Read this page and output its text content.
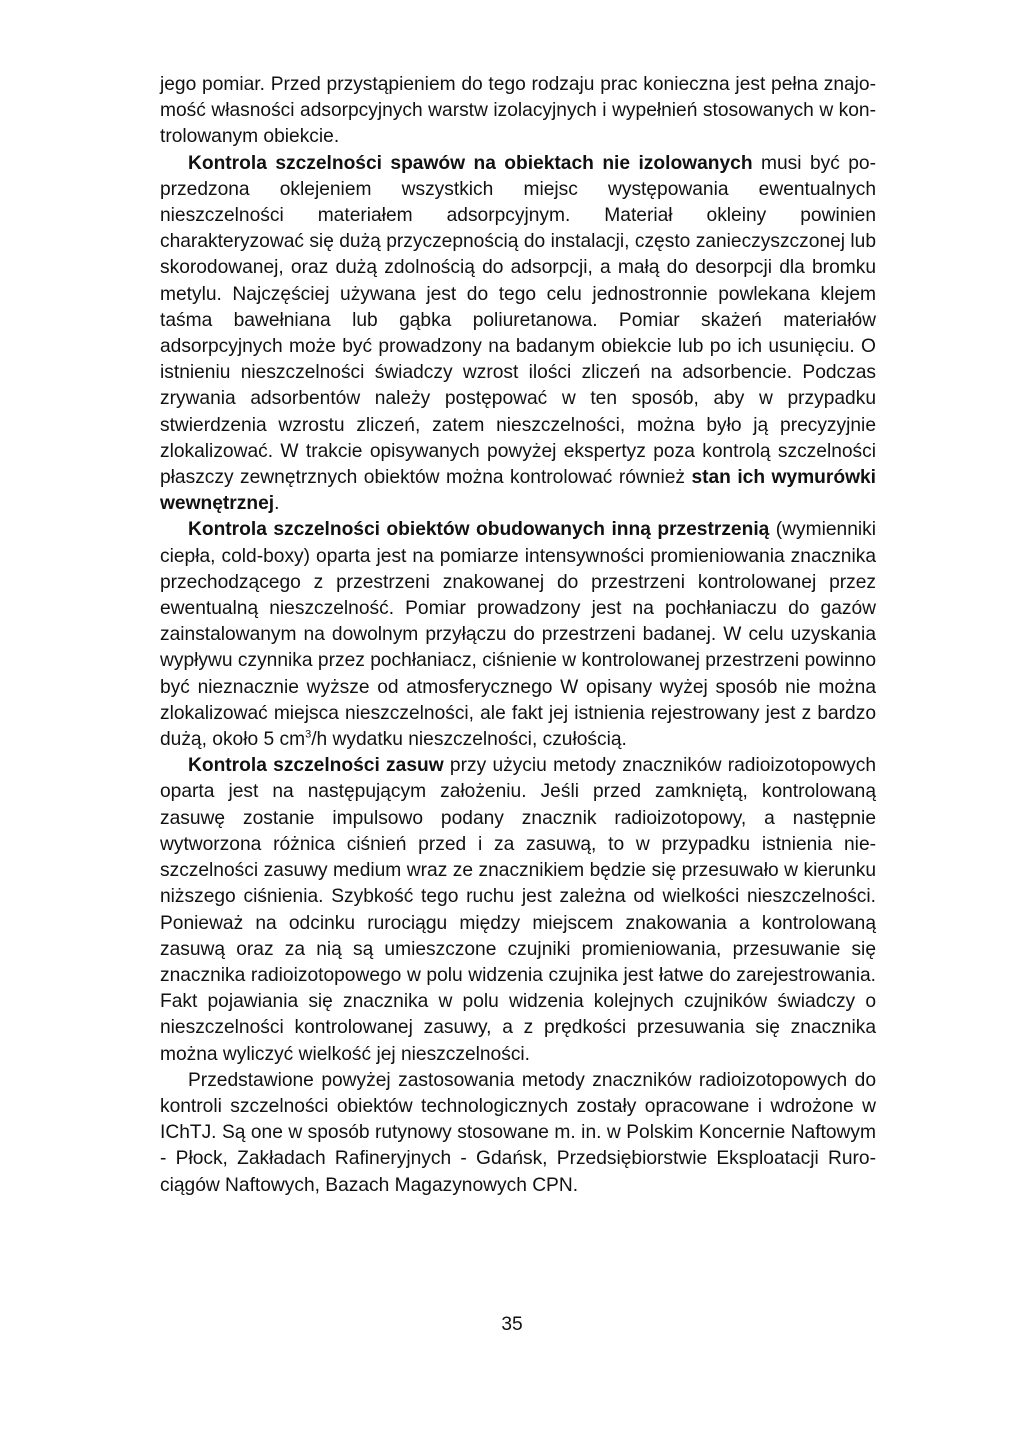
jego pomiar. Przed przystąpieniem do tego rodzaju prac konieczna jest pełna znajomość własności adsorpcyjnych warstw izolacyjnych i wypełnień stosowanych w kontrolowanym obiekcie.

Kontrola szczelności spawów na obiektach nie izolowanych musi być poprzedzona oklejeniem wszystkich miejsc występowania ewentualnych nieszczelności materiałem adsorpcyjnym. Materiał okleiny powinien charakteryzować się dużą przyczepnością do instalacji, często zanieczyszczonej lub skorodowanej, oraz dużą zdolnością do adsorpcji, a małą do desorpcji dla bromku metylu. Najczęściej używana jest do tego celu jednostronnie powlekana klejem taśma bawełniana lub gąbka poliuretanowa. Pomiar skażeń materiałów adsorpcyjnych może być prowadzony na badanym obiekcie lub po ich usunięciu. O istnieniu nieszczelności świadczy wzrost ilości zliczeń na adsorbencie. Podczas zrywania adsorbentów należy postępować w ten sposób, aby w przypadku stwierdzenia wzrostu zliczeń, zatem nieszczelności, można było ją precyzyjnie zlokalizować. W trakcie opisywanych powyżej ekspertyz poza kontrolą szczelności płaszczy zewnętrznych obiektów można kontrolować również stan ich wymurówki wewnętrznej.

Kontrola szczelności obiektów obudowanych inną przestrzenią (wymienniki ciepła, cold-boxy) oparta jest na pomiarze intensywności promieniowania znacznika przechodzącego z przestrzeni znakowanej do przestrzeni kontrolowanej przez ewentualną nieszczelność. Pomiar prowadzony jest na pochłaniaczu do gazów zainstalowanym na dowolnym przyłączu do przestrzeni badanej. W celu uzyskania wypływu czynnika przez pochłaniacz, ciśnienie w kontrolowanej przestrzeni powinno być nieznacznie wyższe od atmosferycznego W opisany wyżej sposób nie można zlokalizować miejsca nieszczelności, ale fakt jej istnienia rejestrowany jest z bardzo dużą, około 5 $cm^3/h$ wydatku nieszczelności, czułością.

Kontrola szczelności zasuw przy użyciu metody znaczników radioizotopowych oparta jest na następującym założeniu. Jeśli przed zamkniętą, kontrolowaną zasuwę zostanie impulsowo podany znacznik radioizotopowy, a następnie wytworzona różnica ciśnień przed i za zasuwą, to w przypadku istnienia nieszczelności zasuwy medium wraz ze znacznikiem będzie się przesuwało w kierunku niższego ciśnienia. Szybkość tego ruchu jest zależna od wielkości nieszczelności. Ponieważ na odcinku rurociągu między miejscem znakowania a kontrolowaną zasuwą oraz za nią są umieszczone czujniki promieniowania, przesuwanie się znacznika radioizotopowego w polu widzenia czujnika jest łatwe do zarejestrowania. Fakt pojawiania się znacznika w polu widzenia kolejnych czujników świadczy o nieszczelności kontrolowanej zasuwy, a z prędkości przesuwania się znacznika można wyliczyć wielkość jej nieszczelności.

Przedstawione powyżej zastosowania metody znaczników radioizotopowych do kontroli szczelności obiektów technologicznych zostały opracowane i wdrożone w IChTJ. Są one w sposób rutynowy stosowane m. in. w Polskim Koncernie Naftowym - Płock, Zakładach Rafineryjnych - Gdańsk, Przedsiębiorstwie Eksploatacji Rurociągów Naftowych, Bazach Magazynowych CPN.

35
